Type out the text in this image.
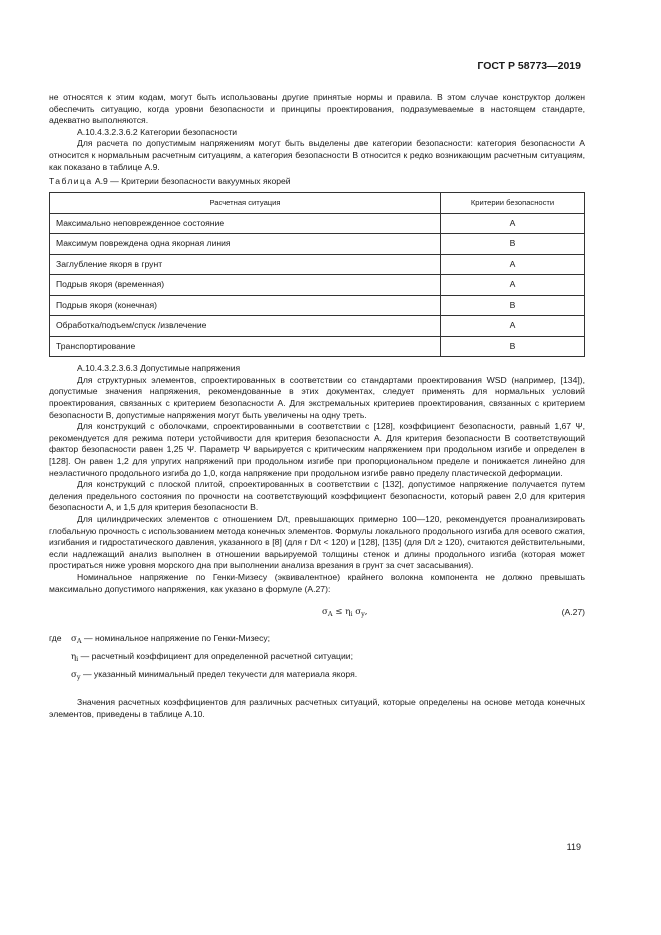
ГОСТ Р 58773—2019

не относятся к этим кодам, могут быть использованы другие принятые нормы и правила. В этом случае конструктор должен обеспечить ситуацию, когда уровни безопасности и принципы проектирования, подразумеваемые в настоящем стандарте, адекватно выполняются.

A.10.4.3.2.3.6.2 Категории безопасности

Для расчета по допустимым напряжениям могут быть выделены две категории безопасности: категория безопасности А относится к нормальным расчетным ситуациям, а категория безопасности В относится к редко возникающим расчетным ситуациям, как показано в таблице А.9.

Таблица А.9 — Критерии безопасности вакуумных якорей

Расчетная ситуация	Критерии безопасности
Максимально неповрежденное состояние	A
Максимум повреждена одна якорная линия	B
Заглубление якоря в грунт	A
Подрыв якоря (временная)	A
Подрыв якоря (конечная)	B
Обработка/подъем/спуск /извлечение	A
Транспортирование	B

A.10.4.3.2.3.6.3 Допустимые напряжения

Для структурных элементов, спроектированных в соответствии со стандартами проектирования WSD (например, [134]), допустимые значения напряжения, рекомендованные в этих документах, следует применять для нормальных условий проектирования, связанных с критерием безопасности А. Для экстремальных критериев проектирования, связанных с критерием безопасности В, допустимые напряжения могут быть увеличены на одну треть.

Для конструкций с оболочками, спроектированными в соответствии с [128], коэффициент безопасности, равный 1,67 Ψ, рекомендуется для режима потери устойчивости для критерия безопасности А. Для критерия безопасности В соответствующий фактор безопасности равен 1,25 Ψ. Параметр Ψ варьируется с критическим напряжением при продольном изгибе и определен в [128]. Он равен 1,2 для упругих напряжений при продольном изгибе при пропорциональном пределе и понижается линейно для неэластичного продольного изгиба до 1,0, когда напряжение при продольном изгибе равно пределу пластической деформации.

Для конструкций с плоской плитой, спроектированных в соответствии с [132], допустимое напряжение получается путем деления предельного состояния по прочности на соответствующий коэффициент безопасности, который равен 2,0 для критерия безопасности А, и 1,5 для критерия безопасности В.

Для цилиндрических элементов с отношением D/t, превышающих примерно 100—120, рекомендуется проанализировать глобальную прочность с использованием метода конечных элементов. Формулы локального продольного изгиба для осевого сжатия, изгибания и гидростатического давления, указанного в [8] (для r D/t < 120) и [128], [135] (для D/t ≥ 120), считаются действительными, если надлежащий анализ выполнен в отношении варьируемой толщины стенок и длины продольного изгиба (которая может простираться ниже уровня морского дна при выполнении анализа врезания в грунт за счет засасывания).

Номинальное напряжение по Генки-Мизесу (эквивалентное) крайнего волокна компонента не должно превышать максимально допустимого напряжения, как указано в формуле (А.27):

$\sigma_A \le \eta_i$ $\sigma_y$,	(А.27)
где $\sigma_A$ — номинальное напряжение по Генки-Мизесу;
$\eta_i$ — расчетный коэффициент для определенной расчетной ситуации;
$\sigma_y$ — указанный минимальный предел текучести для материала якоря.

Значения расчетных коэффициентов для различных расчетных ситуаций, которые определены на основе метода конечных элементов, приведены в таблице А.10.

119
